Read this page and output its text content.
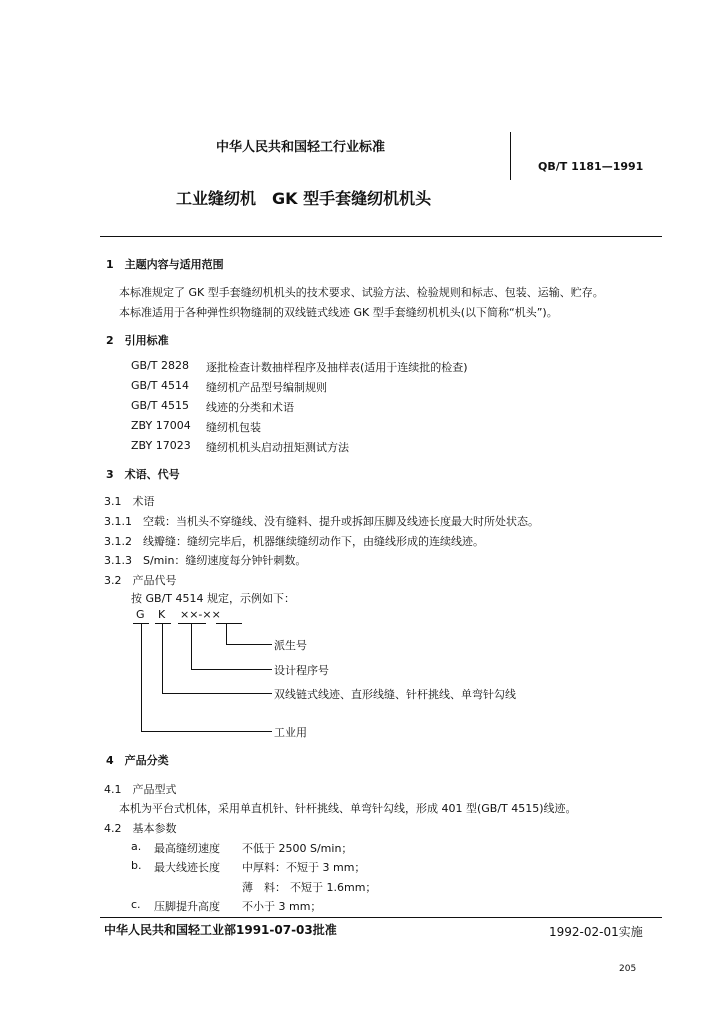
中华人民共和国轻工行业标准
QB/T 1181—1991
工业缝纫机　GK 型手套缝纫机机头
1　主题内容与适用范围
本标准规定了 GK 型手套缝纫机机头的技术要求、试验方法、检验规则和标志、包装、运输、贮存。
本标准适用于各种弹性织物缝制的双线链式线迹 GK 型手套缝纫机机头(以下简称“机头”)。
2　引用标准
GB/T 2828 逐批检查计数抽样程序及抽样表(适用于连续批的检查)
GB/T 4514 缝纫机产品型号编制规则
GB/T 4515 线迹的分类和术语
ZBY 17004 缝纫机包装
ZBY 17023 缝纫机机头启动扭矩测试方法
3　术语、代号
3.1　术语
3.1.1　空载：当机头不穿缝线、没有缝料、提升或拆卸压脚及线迹长度最大时所处状态。
3.1.2　线瓣缝：缝纫完毕后，机器继续缝纫动作下，由缝线形成的连续线迹。
3.1.3　S/min：缝纫速度每分钟针刺数。
3.2　产品代号
按 GB/T 4514 规定，示例如下：
G K ××-××
派生号
设计程序号
双线链式线迹、直形线缝、针杆挑线、单弯针勾线
工业用
4　产品分类
4.1　产品型式
本机为平台式机体，采用单直机针、针杆挑线、单弯针勾线，形成 401 型(GB/T 4515)线迹。
4.2　基本参数
a. 最高缝纫速度 不低于 2500 S/min；
b. 最大线迹长度 中厚料：不短于 3 mm；
薄　料： 不短于 1.6mm；
c. 压脚提升高度 不小于 3 mm；
中华人民共和国轻工业部1991-07-03批准	1992-02-01实施
205
